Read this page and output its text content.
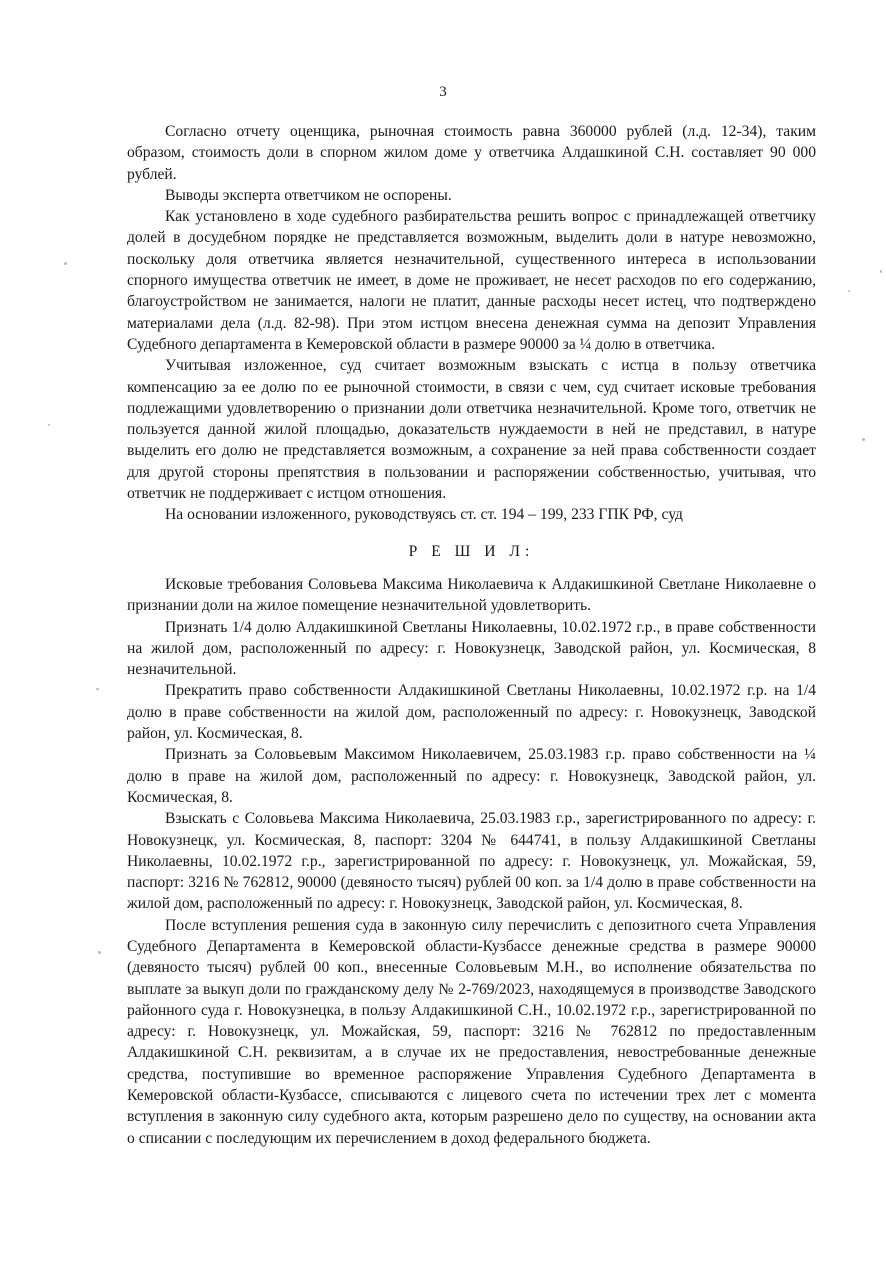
3

Согласно отчету оценщика, рыночная стоимость равна 360000 рублей (л.д. 12-34), таким образом, стоимость доли в спорном жилом доме у ответчика Алдашкиной С.Н. составляет 90 000 рублей.

Выводы эксперта ответчиком не оспорены.

Как установлено в ходе судебного разбирательства решить вопрос с принадлежащей ответчику долей в досудебном порядке не представляется возможным, выделить доли в натуре невозможно, поскольку доля ответчика является незначительной, существенного интереса в использовании спорного имущества ответчик не имеет, в доме не проживает, не несет расходов по его содержанию, благоустройством не занимается, налоги не платит, данные расходы несет истец, что подтверждено материалами дела (л.д. 82-98). При этом истцом внесена денежная сумма на депозит Управления Судебного департамента в Кемеровской области в размере 90000 за ¼ долю в ответчика.

Учитывая изложенное, суд считает возможным взыскать с истца в пользу ответчика компенсацию за ее долю по ее рыночной стоимости, в связи с чем, суд считает исковые требования подлежащими удовлетворению о признании доли ответчика незначительной. Кроме того, ответчик не пользуется данной жилой площадью, доказательств нуждаемости в ней не представил, в натуре выделить его долю не представляется возможным, а сохранение за ней права собственности создает для другой стороны препятствия в пользовании и распоряжении собственностью, учитывая, что ответчик не поддерживает с истцом отношения.

На основании изложенного, руководствуясь ст. ст. 194 – 199, 233 ГПК РФ, суд

Р Е Ш И Л:

Исковые требования Соловьева Максима Николаевича к Алдакишкиной Светлане Николаевне о признании доли на жилое помещение незначительной удовлетворить.

Признать 1/4 долю Алдакишкиной Светланы Николаевны, 10.02.1972 г.р., в праве собственности на жилой дом, расположенный по адресу: г. Новокузнецк, Заводской район, ул. Космическая, 8 незначительной.

Прекратить право собственности Алдакишкиной Светланы Николаевны, 10.02.1972 г.р. на 1/4 долю в праве собственности на жилой дом, расположенный по адресу: г. Новокузнецк, Заводской район, ул. Космическая, 8.

Признать за Соловьевым Максимом Николаевичем, 25.03.1983 г.р. право собственности на ¼ долю в праве на жилой дом, расположенный по адресу: г. Новокузнецк, Заводской район, ул. Космическая, 8.

Взыскать с Соловьева Максима Николаевича, 25.03.1983 г.р., зарегистрированного по адресу: г. Новокузнецк, ул. Космическая, 8, паспорт: 3204 № 644741, в пользу Алдакишкиной Светланы Николаевны, 10.02.1972 г.р., зарегистрированной по адресу: г. Новокузнецк, ул. Можайская, 59, паспорт: 3216 № 762812, 90000 (девяносто тысяч) рублей 00 коп. за 1/4 долю в праве собственности на жилой дом, расположенный по адресу: г. Новокузнецк, Заводской район, ул. Космическая, 8.

После вступления решения суда в законную силу перечислить с депозитного счета Управления Судебного Департамента в Кемеровской области-Кузбассе денежные средства в размере 90000 (девяносто тысяч) рублей 00 коп., внесенные Соловьевым М.Н., во исполнение обязательства по выплате за выкуп доли по гражданскому делу № 2-769/2023, находящемуся в производстве Заводского районного суда г. Новокузнецка, в пользу Алдакишкиной С.Н., 10.02.1972 г.р., зарегистрированной по адресу: г. Новокузнецк, ул. Можайская, 59, паспорт: 3216 № 762812 по предоставленным Алдакишкиной С.Н. реквизитам, а в случае их не предоставления, невостребованные денежные средства, поступившие во временное распоряжение Управления Судебного Департамента в Кемеровской области-Кузбассе, списываются с лицевого счета по истечении трех лет с момента вступления в законную силу судебного акта, которым разрешено дело по существу, на основании акта о списании с последующим их перечислением в доход федерального бюджета.
